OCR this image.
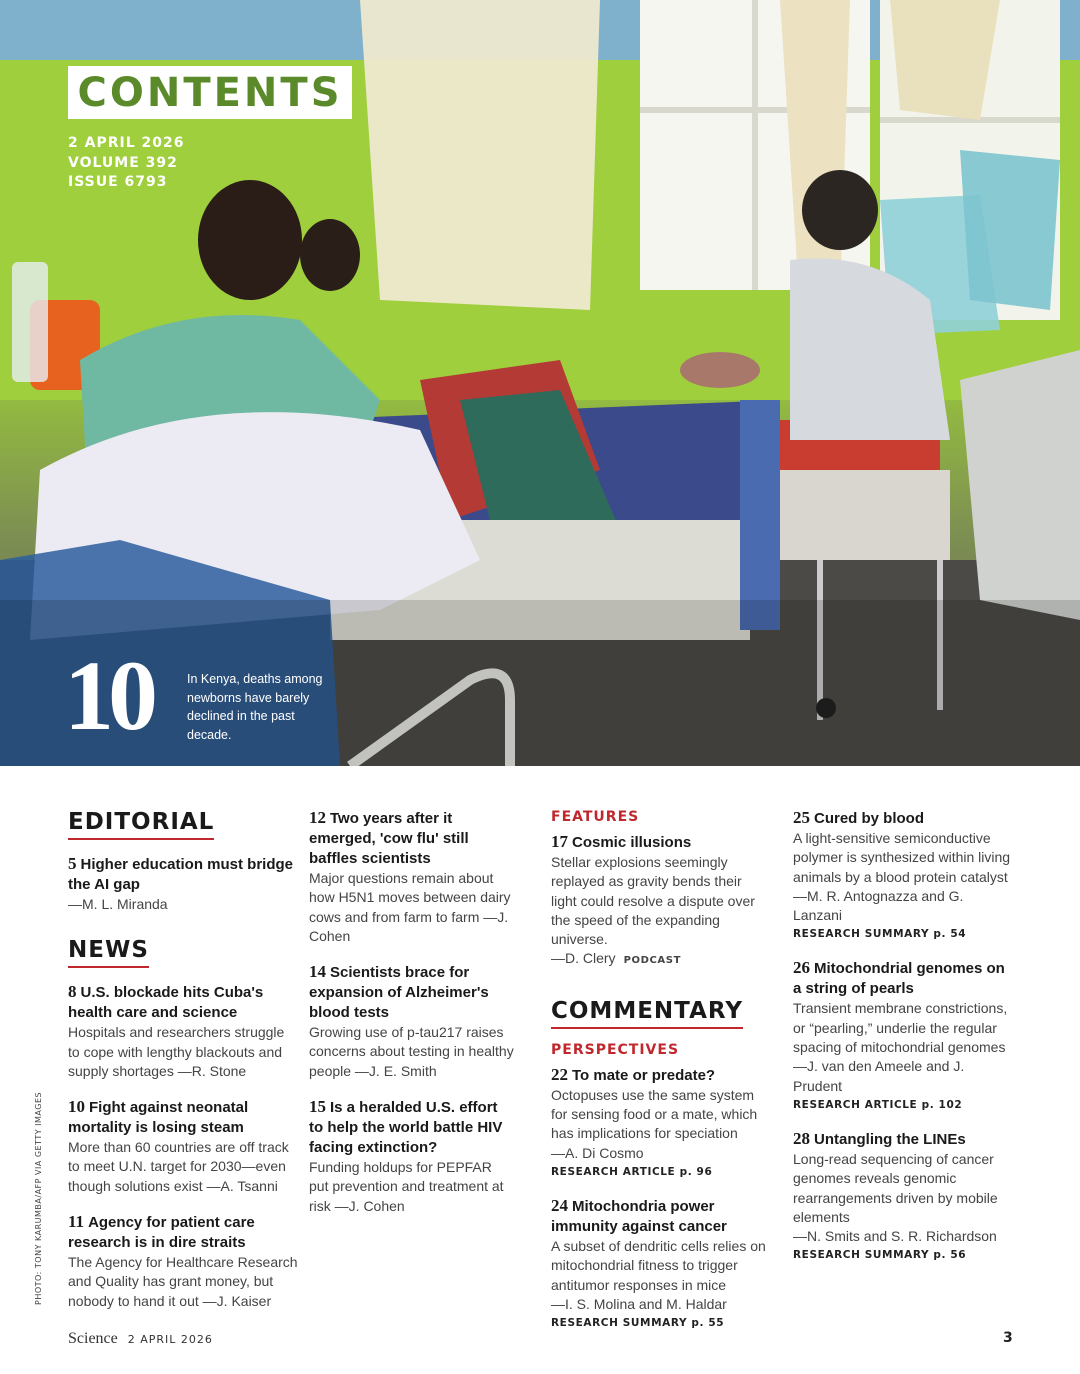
CONTENTS
2 APRIL 2026
VOLUME 392
ISSUE 6793
10	In Kenya, deaths among newborns have barely declined in the past decade.
EDITORIAL
5 Higher education must bridge the AI gap
—M. L. Miranda
NEWS
8 U.S. blockade hits Cuba's health care and science
Hospitals and researchers struggle to cope with lengthy blackouts and supply shortages —R. Stone
10 Fight against neonatal mortality is losing steam
More than 60 countries are off track to meet U.N. target for 2030—even though solutions exist —A. Tsanni
11 Agency for patient care research is in dire straits
The Agency for Healthcare Research and Quality has grant money, but nobody to hand it out —J. Kaiser
12 Two years after it emerged, 'cow flu' still baffles scientists
Major questions remain about how H5N1 moves between dairy cows and from farm to farm —J. Cohen
14 Scientists brace for expansion of Alzheimer's blood tests
Growing use of p-tau217 raises concerns about testing in healthy people —J. E. Smith
15 Is a heralded U.S. effort to help the world battle HIV facing extinction?
Funding holdups for PEPFAR put prevention and treatment at risk —J. Cohen
FEATURES
17 Cosmic illusions
Stellar explosions seemingly replayed as gravity bends their light could resolve a dispute over the speed of the expanding universe.
—D. Clery PODCAST
COMMENTARY
PERSPECTIVES
22 To mate or predate?
Octopuses use the same system for sensing food or a mate, which has implications for speciation
—A. Di Cosmo
RESEARCH ARTICLE p. 96
24 Mitochondria power immunity against cancer
A subset of dendritic cells relies on mitochondrial fitness to trigger antitumor responses in mice
—I. S. Molina and M. Haldar
RESEARCH SUMMARY p. 55
25 Cured by blood
A light-sensitive semiconductive polymer is synthesized within living animals by a blood protein catalyst
—M. R. Antognazza and G. Lanzani
RESEARCH SUMMARY p. 54
26 Mitochondrial genomes on a string of pearls
Transient membrane constrictions, or “pearling,” underlie the regular spacing of mitochondrial genomes
—J. van den Ameele and J. Prudent
RESEARCH ARTICLE p. 102
28 Untangling the LINEs
Long-read sequencing of cancer genomes reveals genomic rearrangements driven by mobile elements
—N. Smits and S. R. Richardson
RESEARCH SUMMARY p. 56
PHOTO: TONY KARUMBA/AFP VIA GETTY IMAGES
Science 2 APRIL 2026	3
